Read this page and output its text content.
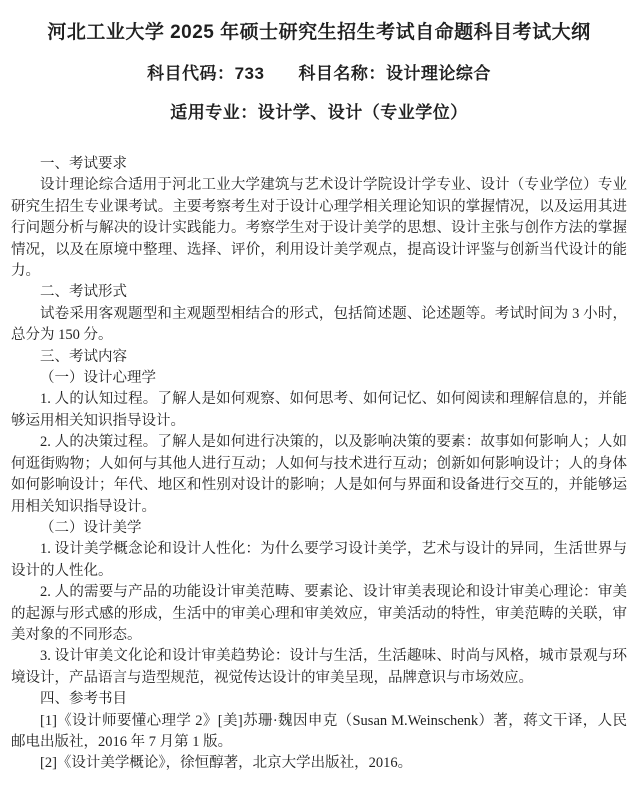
河北工业大学 2025 年硕士研究生招生考试自命题科目考试大纲
科目代码：733 科目名称：设计理论综合
适用专业：设计学、设计（专业学位）

一、考试要求

设计理论综合适用于河北工业大学建筑与艺术设计学院设计学专业、设计（专业学位）专业研究生招生专业课考试。主要考察考生对于设计心理学相关理论知识的掌握情况，以及运用其进行问题分析与解决的设计实践能力。考察学生对于设计美学的思想、设计主张与创作方法的掌握情况，以及在原境中整理、选择、评价，利用设计美学观点，提高设计评鉴与创新当代设计的能力。

二、考试形式

试卷采用客观题型和主观题型相结合的形式，包括简述题、论述题等。考试时间为 3 小时，总分为 150 分。

三、考试内容

（一）设计心理学

1. 人的认知过程。了解人是如何观察、如何思考、如何记忆、如何阅读和理解信息的，并能够运用相关知识指导设计。

2. 人的决策过程。了解人是如何进行决策的，以及影响决策的要素：故事如何影响人；人如何逛街购物；人如何与其他人进行互动；人如何与技术进行互动；创新如何影响设计；人的身体如何影响设计；年代、地区和性别对设计的影响；人是如何与界面和设备进行交互的，并能够运用相关知识指导设计。

（二）设计美学

1. 设计美学概念论和设计人性化：为什么要学习设计美学，艺术与设计的异同，生活世界与设计的人性化。

2. 人的需要与产品的功能设计审美范畴、要素论、设计审美表现论和设计审美心理论：审美的起源与形式感的形成，生活中的审美心理和审美效应，审美活动的特性，审美范畴的关联，审美对象的不同形态。

3. 设计审美文化论和设计审美趋势论：设计与生活，生活趣味、时尚与风格，城市景观与环境设计，产品语言与造型规范，视觉传达设计的审美呈现，品牌意识与市场效应。

四、参考书目

[1]《设计师要懂心理学 2》[美]苏珊·魏因申克（Susan M.Weinschenk）著，蒋文干译，人民邮电出版社，2016 年 7 月第 1 版。

[2]《设计美学概论》，徐恒醇著，北京大学出版社，2016。
